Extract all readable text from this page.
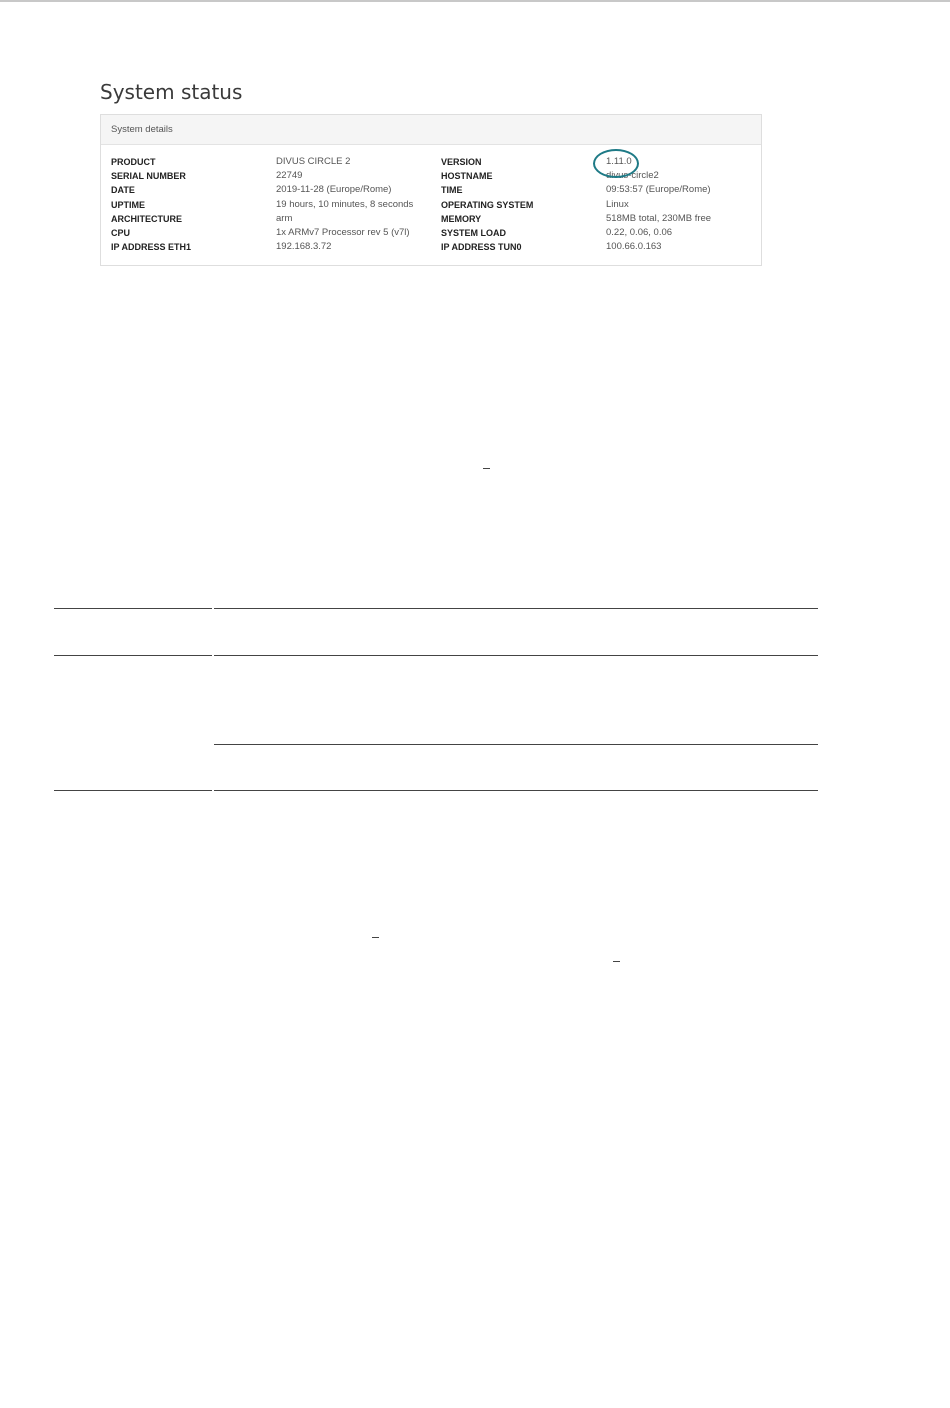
System status
System details
PRODUCT	DIVUS CIRCLE 2	VERSION	1.11.0
SERIAL NUMBER	22749	HOSTNAME	divus-circle2
DATE	2019-11-28 (Europe/Rome)	TIME	09:53:57 (Europe/Rome)
UPTIME	19 hours, 10 minutes, 8 seconds	OPERATING SYSTEM	Linux
ARCHITECTURE	arm	MEMORY	518MB total, 230MB free
CPU	1x ARMv7 Processor rev 5 (v7l)	SYSTEM LOAD	0.22, 0.06, 0.06
IP ADDRESS ETH1	192.168.3.72	IP ADDRESS TUN0	100.66.0.163
